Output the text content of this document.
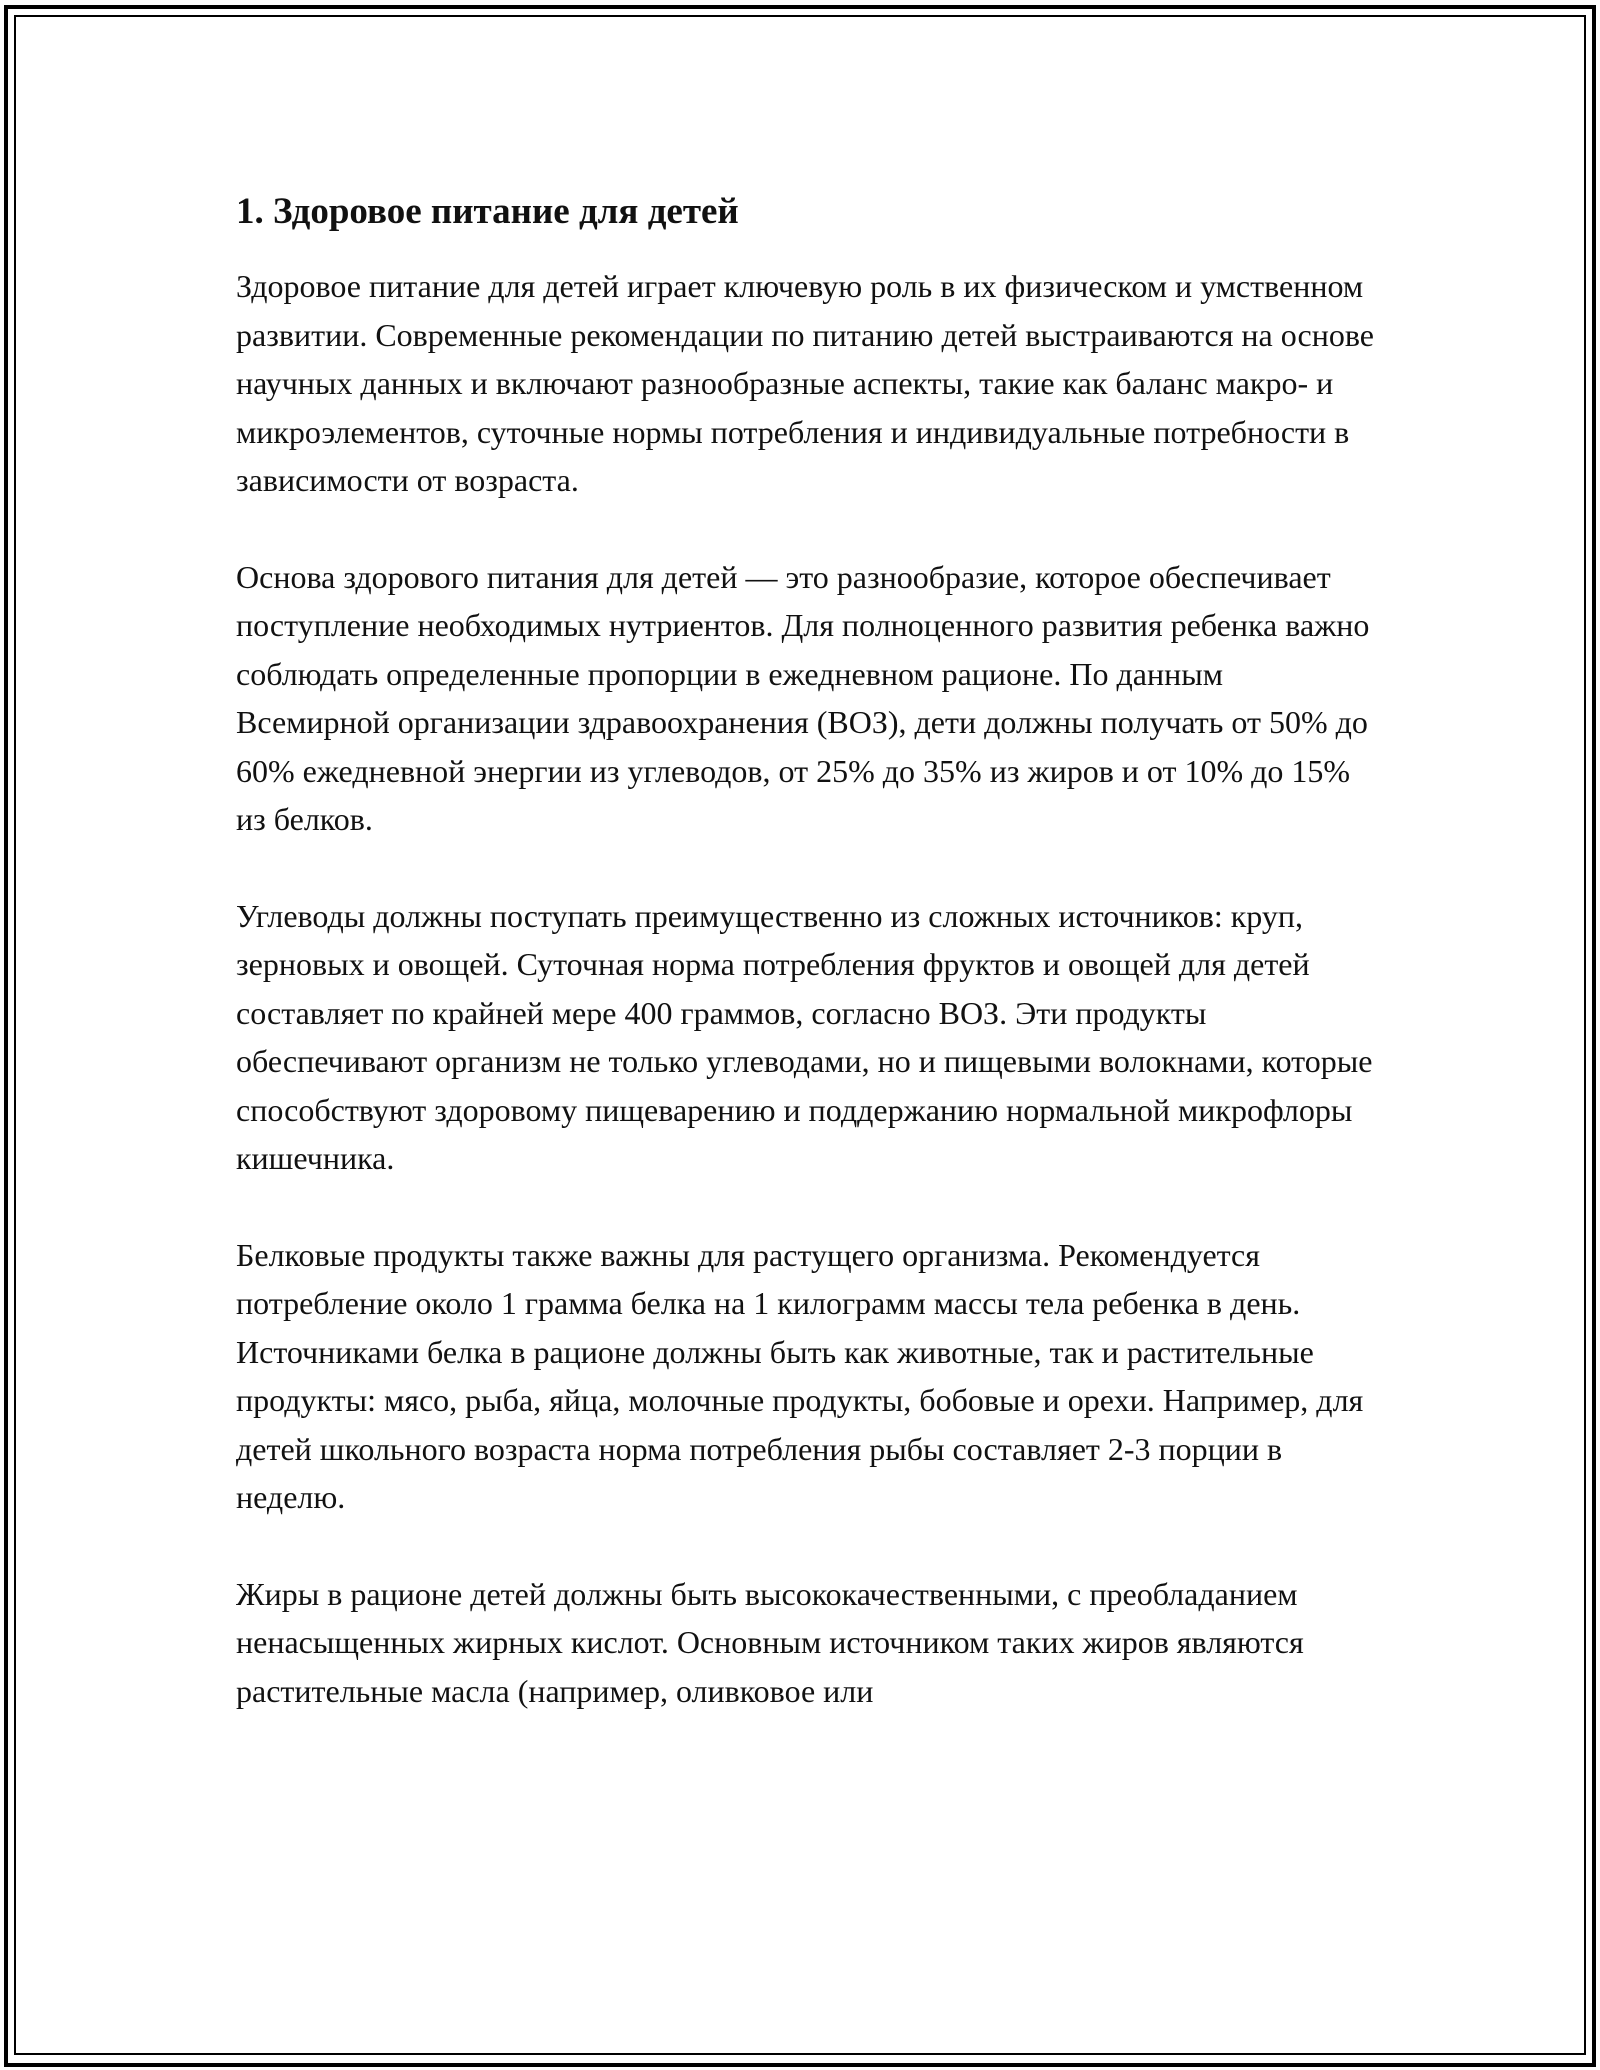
1. Здоровое питание для детей

Здоровое питание для детей играет ключевую роль в их физическом и умственном развитии. Современные рекомендации по питанию детей выстраиваются на основе научных данных и включают разнообразные аспекты, такие как баланс макро- и микроэлементов, суточные нормы потребления и индивидуальные потребности в зависимости от возраста.

Основа здорового питания для детей — это разнообразие, которое обеспечивает поступление необходимых нутриентов. Для полноценного развития ребенка важно соблюдать определенные пропорции в ежедневном рационе. По данным Всемирной организации здравоохранения (ВОЗ), дети должны получать от 50% до 60% ежедневной энергии из углеводов, от 25% до 35% из жиров и от 10% до 15% из белков.

Углеводы должны поступать преимущественно из сложных источников: круп, зерновых и овощей. Суточная норма потребления фруктов и овощей для детей составляет по крайней мере 400 граммов, согласно ВОЗ. Эти продукты обеспечивают организм не только углеводами, но и пищевыми волокнами, которые способствуют здоровому пищеварению и поддержанию нормальной микрофлоры кишечника.

Белковые продукты также важны для растущего организма. Рекомендуется потребление около 1 грамма белка на 1 килограмм массы тела ребенка в день. Источниками белка в рационе должны быть как животные, так и растительные продукты: мясо, рыба, яйца, молочные продукты, бобовые и орехи. Например, для детей школьного возраста норма потребления рыбы составляет 2-3 порции в неделю.

Жиры в рационе детей должны быть высококачественными, с преобладанием ненасыщенных жирных кислот. Основным источником таких жиров являются растительные масла (например, оливковое или
